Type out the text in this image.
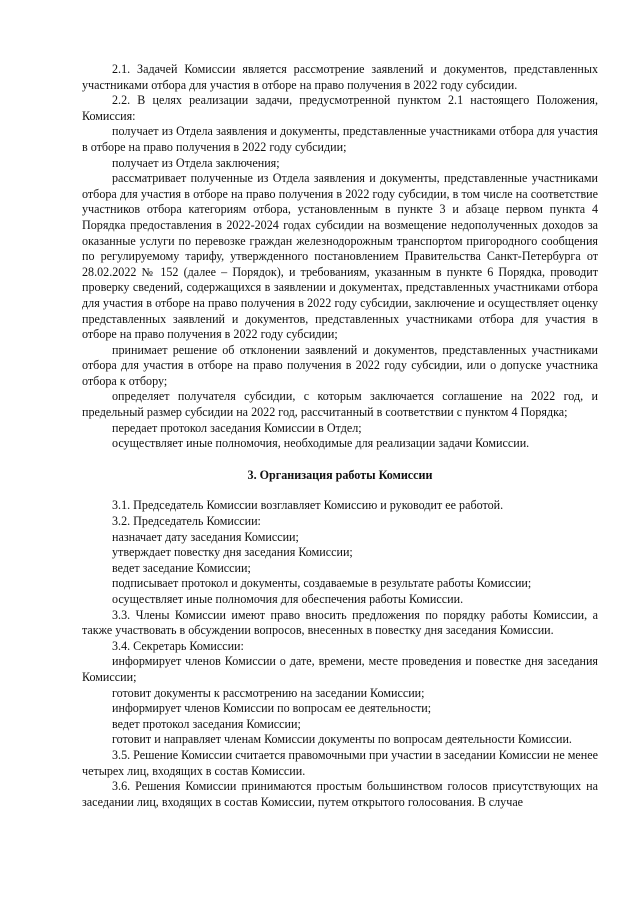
2.1. Задачей Комиссии является рассмотрение заявлений и документов, представленных участниками отбора для участия в отборе на право получения в 2022 году субсидии.

2.2. В целях реализации задачи, предусмотренной пунктом 2.1 настоящего Положения, Комиссия:

получает из Отдела заявления и документы, представленные участниками отбора для участия в отборе на право получения в 2022 году субсидии;

получает из Отдела заключения;

рассматривает полученные из Отдела заявления и документы, представленные участниками отбора для участия в отборе на право получения в 2022 году субсидии, в том числе на соответствие участников отбора категориям отбора, установленным в пункте 3 и абзаце первом пункта 4 Порядка предоставления в 2022-2024 годах субсидии на возмещение недополученных доходов за оказанные услуги по перевозке граждан железнодорожным транспортом пригородного сообщения по регулируемому тарифу, утвержденного постановлением Правительства Санкт-Петербурга от 28.02.2022 № 152 (далее – Порядок), и требованиям, указанным в пункте 6 Порядка, проводит проверку сведений, содержащихся в заявлении и документах, представленных участниками отбора для участия в отборе на право получения в 2022 году субсидии, заключение и осуществляет оценку представленных заявлений и документов, представленных участниками отбора для участия в отборе на право получения в 2022 году субсидии;

принимает решение об отклонении заявлений и документов, представленных участниками отбора для участия в отборе на право получения в 2022 году субсидии, или о допуске участника отбора к отбору;

определяет получателя субсидии, с которым заключается соглашение на 2022 год, и предельный размер субсидии на 2022 год, рассчитанный в соответствии с пунктом 4 Порядка;

передает протокол заседания Комиссии в Отдел;

осуществляет иные полномочия, необходимые для реализации задачи Комиссии.

3. Организация работы Комиссии

3.1. Председатель Комиссии возглавляет Комиссию и руководит ее работой.

3.2. Председатель Комиссии:

назначает дату заседания Комиссии;

утверждает повестку дня заседания Комиссии;

ведет заседание Комиссии;

подписывает протокол и документы, создаваемые в результате работы Комиссии;

осуществляет иные полномочия для обеспечения работы Комиссии.

3.3. Члены Комиссии имеют право вносить предложения по порядку работы Комиссии, а также участвовать в обсуждении вопросов, внесенных в повестку дня заседания Комиссии.

3.4. Секретарь Комиссии:

информирует членов Комиссии о дате, времени, месте проведения и повестке дня заседания Комиссии;

готовит документы к рассмотрению на заседании Комиссии;

информирует членов Комиссии по вопросам ее деятельности;

ведет протокол заседания Комиссии;

готовит и направляет членам Комиссии документы по вопросам деятельности Комиссии.

3.5. Решение Комиссии считается правомочными при участии в заседании Комиссии не менее четырех лиц, входящих в состав Комиссии.

3.6. Решения Комиссии принимаются простым большинством голосов присутствующих на заседании лиц, входящих в состав Комиссии, путем открытого голосования. В случае
